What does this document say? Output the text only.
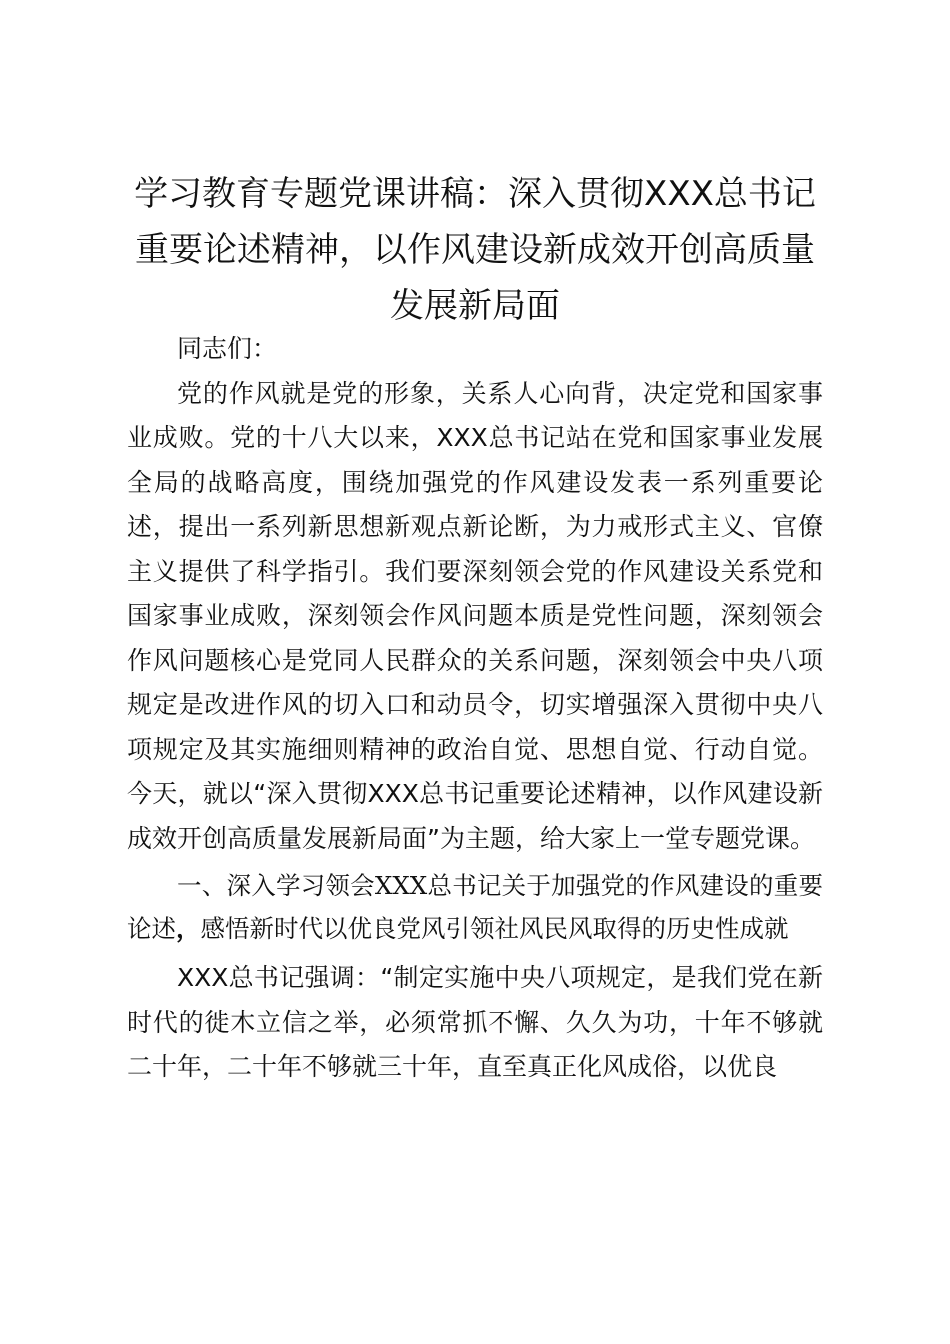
学习教育专题党课讲稿：深入贯彻XXX总书记重要论述精神，以作风建设新成效开创高质量发展新局面

同志们：

党的作风就是党的形象，关系人心向背，决定党和国家事业成败。党的十八大以来，XXX总书记站在党和国家事业发展全局的战略高度，围绕加强党的作风建设发表一系列重要论述，提出一系列新思想新观点新论断，为力戒形式主义、官僚主义提供了科学指引。我们要深刻领会党的作风建设关系党和国家事业成败，深刻领会作风问题本质是党性问题，深刻领会作风问题核心是党同人民群众的关系问题，深刻领会中央八项规定是改进作风的切入口和动员令，切实增强深入贯彻中央八项规定及其实施细则精神的政治自觉、思想自觉、行动自觉。今天，就以“深入贯彻XXX总书记重要论述精神，以作风建设新成效开创高质量发展新局面”为主题，给大家上一堂专题党课。

一、深入学习领会XXX总书记关于加强党的作风建设的重要论述，感悟新时代以优良党风引领社风民风取得的历史性成就

XXX总书记强调：“制定实施中央八项规定，是我们党在新时代的徙木立信之举，必须常抓不懈、久久为功，十年不够就二十年，二十年不够就三十年，直至真正化风成俗，以优良
